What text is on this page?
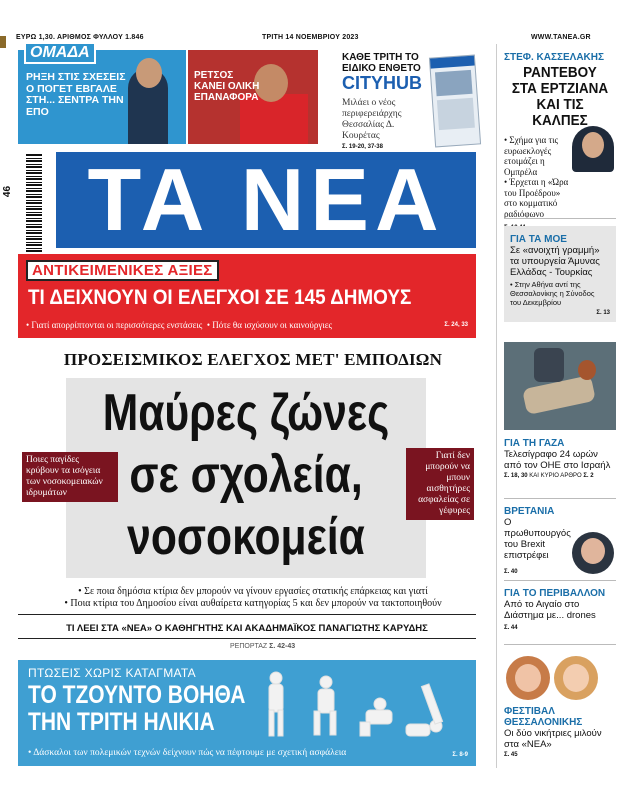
ΕΥΡΩ 1,30. ΑΡΙΘΜΟΣ ΦΥΛΛΟΥ 1.846	ΤΡΙΤΗ 14 ΝΟΕΜΒΡΙΟΥ 2023	WWW.TANEA.GR
ΡΗΞΗ ΣΤΙΣ ΣΧΕΣΕΙΣ Ο ΠΟΓΕΤ ΕΒΓΑΛΕ ΣΤΗ... ΣΕΝΤΡΑ ΤΗΝ ΕΠΟ
ΟΜΑΔΑ
ΡΕΤΣΟΣ ΚΑΝΕΙ ΟΛΙΚΗ ΕΠΑΝΑΦΟΡΑ
ΚΑΘΕ ΤΡΙΤΗ ΤΟ ΕΙΔΙΚΟ ΕΝΘΕΤΟ
CITYHUB
Μιλάει ο νέος περιφερειάρχης Θεσσαλίας Δ. Κουρέτας
Σ. 19-20, 37-38
46 ΤΑ ΝΕΑ
ΑΝΤΙΚΕΙΜΕΝΙΚΕΣ ΑΞΙΕΣ
ΤΙ ΔΕΙΧΝΟΥΝ ΟΙ ΕΛΕΓΧΟΙ ΣΕ 145 ΔΗΜΟΥΣ
• Γιατί απορρίπτονται οι περισσότερες ενστάσεις  • Πότε θα ισχύσουν οι καινούργιες	Σ. 24, 33
ΠΡΟΣΕΙΣΜΙΚΟΣ ΕΛΕΓΧΟΣ ΜΕΤ' ΕΜΠΟΔΙΩΝ
Μαύρες ζώνες
σε σχολεία,
νοσοκομεία
Ποιες παγίδες κρύβουν τα ισόγεια των νοσοκομειακών ιδρυμάτων
Γιατί δεν μπορούν να μπουν αισθητήρες ασφαλείας σε γέφυρες
• Σε ποια δημόσια κτίρια δεν μπορούν να γίνουν εργασίες στατικής επάρκειας και γιατί
• Ποια κτίρια του Δημοσίου είναι αυθαίρετα κατηγορίας 5 και δεν μπορούν να τακτοποιηθούν
ΤΙ ΛΕΕΙ ΣΤΑ «ΝΕΑ» Ο ΚΑΘΗΓΗΤΗΣ ΚΑΙ ΑΚΑΔΗΜΑΪΚΟΣ ΠΑΝΑΓΙΩΤΗΣ ΚΑΡΥΔΗΣ
ΡΕΠΟΡΤΑΖ Σ. 42-43
ΠΤΩΣΕΙΣ ΧΩΡΙΣ ΚΑΤΑΓΜΑΤΑ
ΤΟ ΤΖΟΥΝΤΟ ΒΟΗΘΑ
ΤΗΝ ΤΡΙΤΗ ΗΛΙΚΙΑ
• Δάσκαλοι των πολεμικών τεχνών δείχνουν πώς να πέφτουμε με σχετική ασφάλεια	Σ. 8-9
ΣΤΕΦ. ΚΑΣΣΕΛΑΚΗΣ
ΡΑΝΤΕΒΟΥ ΣΤΑ ΕΡΤΖΙΑΝΑ ΚΑΙ ΤΙΣ ΚΑΛΠΕΣ
• Σχήμα για τις ευρωεκλογές ετοιμάζει η Ομπρέλα
• Έρχεται η «Ώρα του Προέδρου» στο κομματικό ραδιόφωνο
ΓΙΑ ΤΑ ΜΟΕ
Σε «ανοιχτή γραμμή» τα υπουργεία Άμυνας Ελλάδας - Τουρκίας
• Στην Αθήνα αντί της Θεσσαλονίκης η Σύνοδος του Δεκεμβρίου
Σ. 13
ΓΙΑ ΤΗ ΓΑΖΑ
Τελεσίγραφο 24 ωρών από τον ΟΗΕ στο Ισραήλ
Σ. 18, 30 ΚΑΙ ΚΥΡΙΟ ΑΡΘΡΟ Σ. 2
ΒΡΕΤΑΝΙΑ
Ο πρωθυπουργός του Brexit επιστρέφει
Σ. 40
ΓΙΑ ΤΟ ΠΕΡΙΒΑΛΛΟΝ
Από το Αιγαίο στο Διάστημα με... drones
Σ. 44
ΦΕΣΤΙΒΑΛ ΘΕΣΣΑΛΟΝΙΚΗΣ
Οι δύο νικήτριες μιλούν στα «ΝΕΑ»
Σ. 45
